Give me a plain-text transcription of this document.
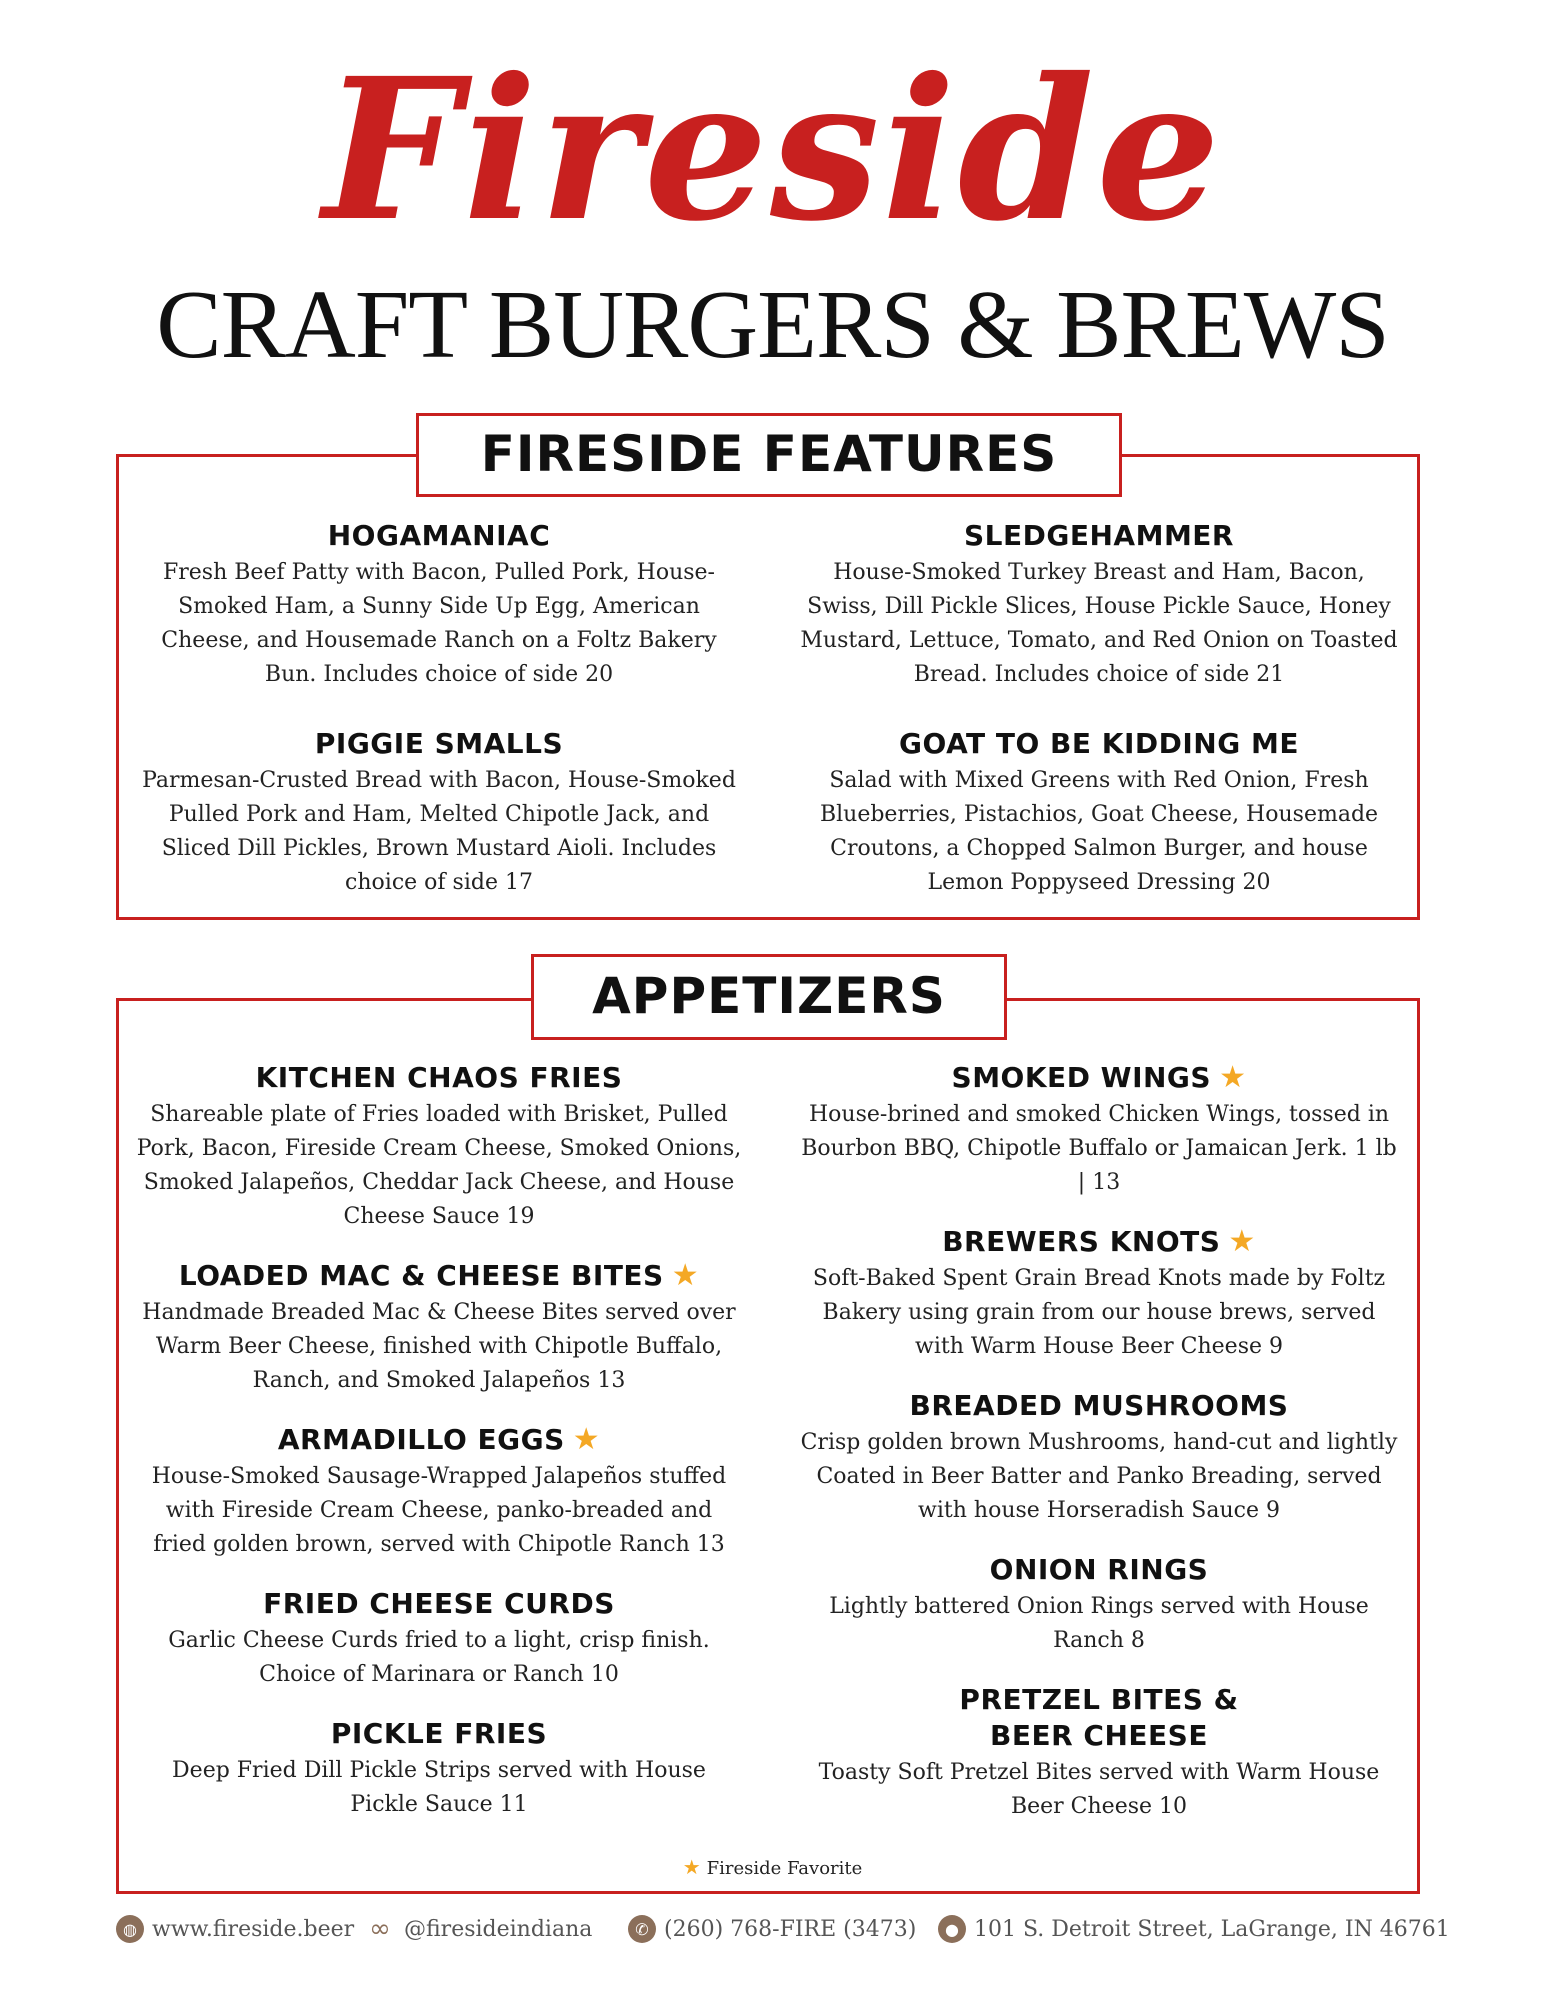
Fireside
CRAFT BURGERS & BREWS
FIRESIDE FEATURES
HOGAMANIAC

Fresh Beef Patty with Bacon, Pulled Pork, House-Smoked Ham, a Sunny Side Up Egg, American Cheese, and Housemade Ranch on a Foltz Bakery Bun. Includes choice of side 20

PIGGIE SMALLS

Parmesan-Crusted Bread with Bacon, House-Smoked Pulled Pork and Ham, Melted Chipotle Jack, and Sliced Dill Pickles, Brown Mustard Aioli. Includes choice of side 17

SLEDGEHAMMER

House-Smoked Turkey Breast and Ham, Bacon, Swiss, Dill Pickle Slices, House Pickle Sauce, Honey Mustard, Lettuce, Tomato, and Red Onion on Toasted Bread. Includes choice of side 21

GOAT TO BE KIDDING ME

Salad with Mixed Greens with Red Onion, Fresh Blueberries, Pistachios, Goat Cheese, Housemade Croutons, a Chopped Salmon Burger, and house Lemon Poppyseed Dressing 20

APPETIZERS
KITCHEN CHAOS FRIES

Shareable plate of Fries loaded with Brisket, Pulled Pork, Bacon, Fireside Cream Cheese, Smoked Onions, Smoked Jalapeños, Cheddar Jack Cheese, and House Cheese Sauce 19

LOADED MAC & CHEESE BITES ★

Handmade Breaded Mac & Cheese Bites served over Warm Beer Cheese, finished with Chipotle Buffalo, Ranch, and Smoked Jalapeños 13

ARMADILLO EGGS ★

House-Smoked Sausage-Wrapped Jalapeños stuffed with Fireside Cream Cheese, panko-breaded and fried golden brown, served with Chipotle Ranch 13

FRIED CHEESE CURDS

Garlic Cheese Curds fried to a light, crisp finish. Choice of Marinara or Ranch 10

PICKLE FRIES

Deep Fried Dill Pickle Strips served with House Pickle Sauce 11

SMOKED WINGS ★

House-brined and smoked Chicken Wings, tossed in Bourbon BBQ, Chipotle Buffalo or Jamaican Jerk. 1 lb | 13

BREWERS KNOTS ★

Soft-Baked Spent Grain Bread Knots made by Foltz Bakery using grain from our house brews, served with Warm House Beer Cheese 9

BREADED MUSHROOMS

Crisp golden brown Mushrooms, hand-cut and lightly Coated in Beer Batter and Panko Breading, served with house Horseradish Sauce 9

ONION RINGS

Lightly battered Onion Rings served with House Ranch 8

PRETZEL BITES & BEER CHEESE

Toasty Soft Pretzel Bites served with Warm House Beer Cheese 10

★ Fireside Favorite
◍ www.fireside.beer ∞ @firesideindiana	✆ (260) 768-FIRE (3473)	● 101 S. Detroit Street, LaGrange, IN 46761
